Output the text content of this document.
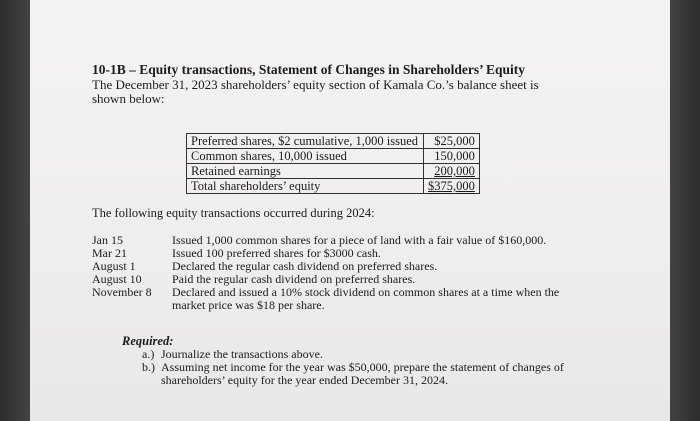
10-1B – Equity transactions, Statement of Changes in Shareholders’ Equity
The December 31, 2023 shareholders’ equity section of Kamala Co.’s balance sheet is shown below:
Preferred shares, $2 cumulative, 1,000 issued	$25,000
Common shares, 10,000 issued	150,000
Retained earnings	200,000
Total shareholders’ equity	$375,000
The following equity transactions occurred during 2024:
Jan 15	Issued 1,000 common shares for a piece of land with a fair value of $160,000.
Mar 21	Issued 100 preferred shares for $3000 cash.
August 1	Declared the regular cash dividend on preferred shares.
August 10	Paid the regular cash dividend on preferred shares.
November 8	Declared and issued a 10% stock dividend on common shares at a time when the market price was $18 per share.
Required:
a.) Journalize the transactions above.
b.) Assuming net income for the year was $50,000, prepare the statement of changes of shareholders’ equity for the year ended December 31, 2024.
